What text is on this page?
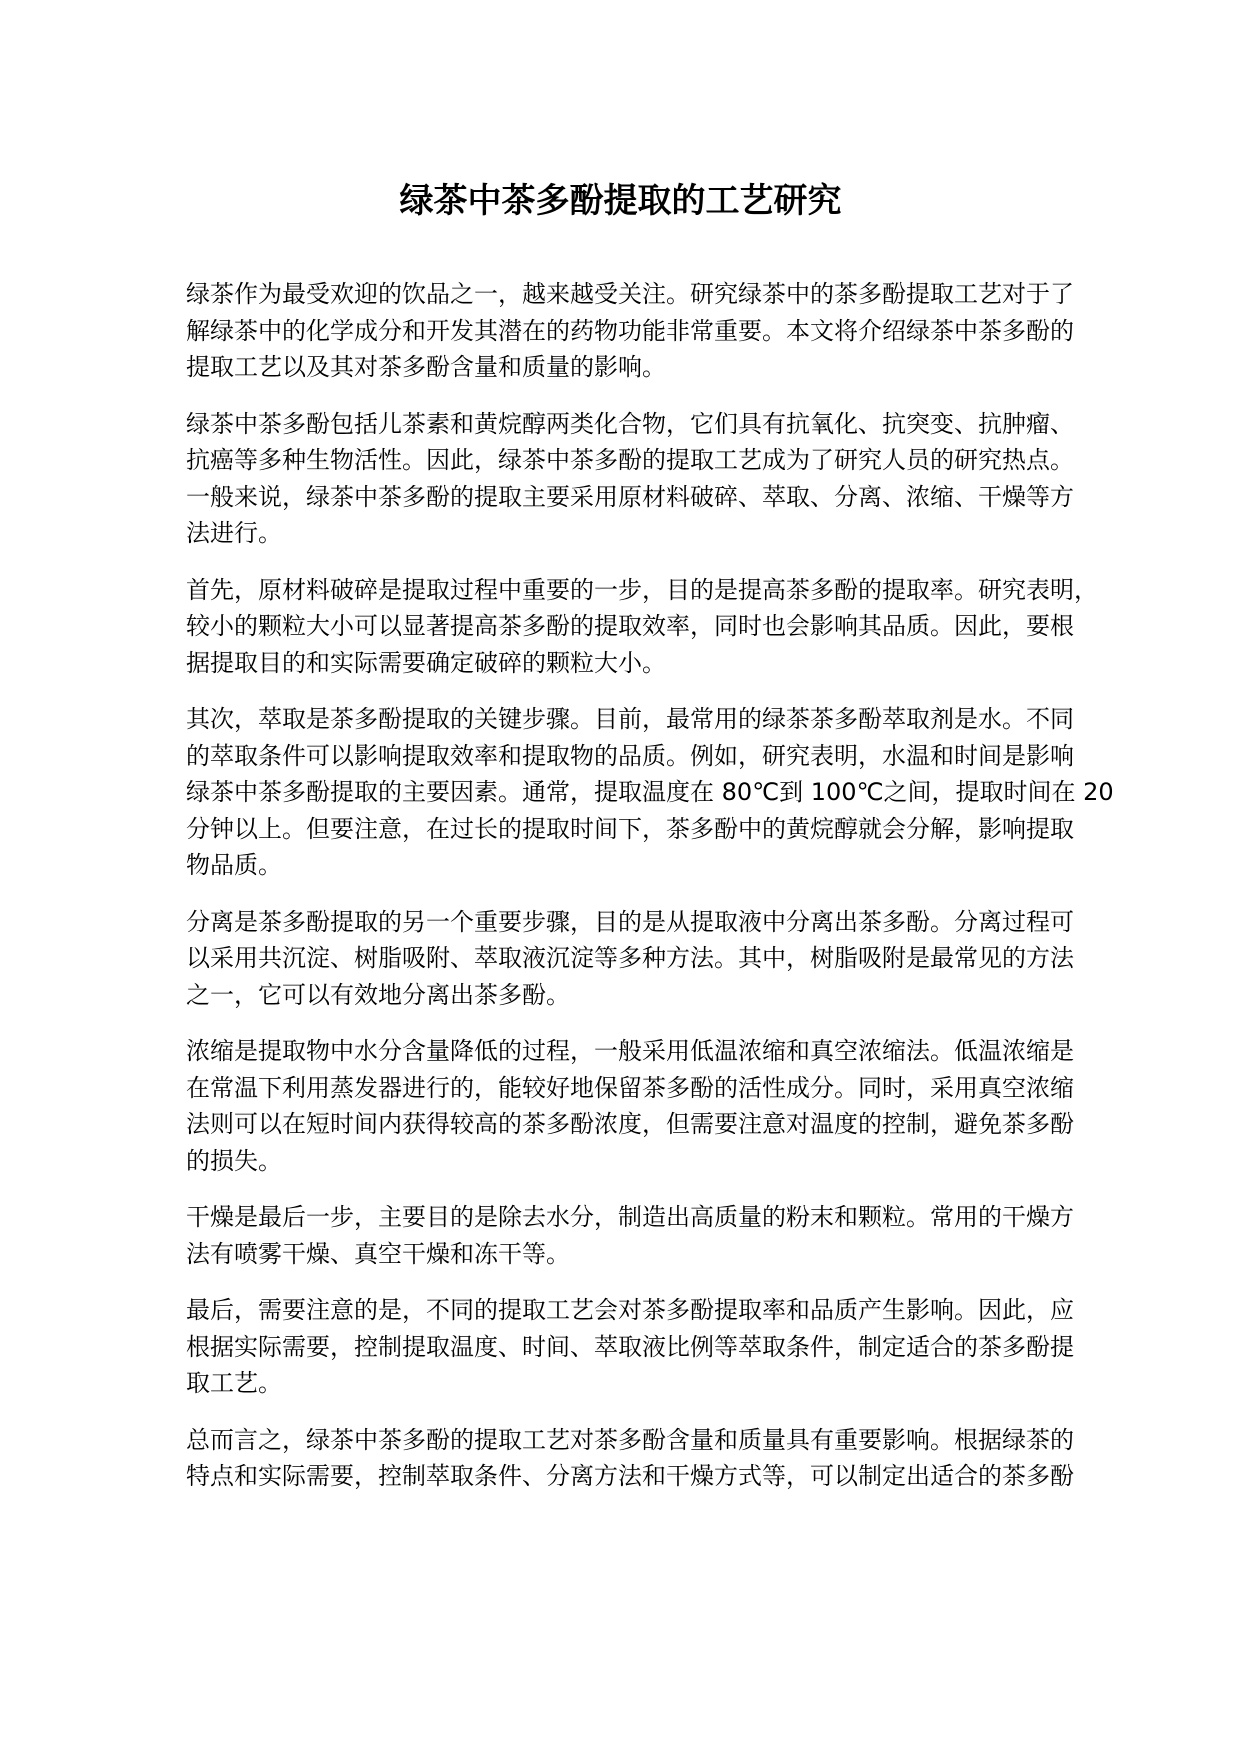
绿茶中茶多酚提取的工艺研究

绿茶作为最受欢迎的饮品之一，越来越受关注。研究绿茶中的茶多酚提取工艺对于了
解绿茶中的化学成分和开发其潜在的药物功能非常重要。本文将介绍绿茶中茶多酚的
提取工艺以及其对茶多酚含量和质量的影响。

绿茶中茶多酚包括儿茶素和黄烷醇两类化合物，它们具有抗氧化、抗突变、抗肿瘤、
抗癌等多种生物活性。因此，绿茶中茶多酚的提取工艺成为了研究人员的研究热点。
一般来说，绿茶中茶多酚的提取主要采用原材料破碎、萃取、分离、浓缩、干燥等方
法进行。

首先，原材料破碎是提取过程中重要的一步，目的是提高茶多酚的提取率。研究表明，
较小的颗粒大小可以显著提高茶多酚的提取效率，同时也会影响其品质。因此，要根
据提取目的和实际需要确定破碎的颗粒大小。

其次，萃取是茶多酚提取的关键步骤。目前，最常用的绿茶茶多酚萃取剂是水。不同
的萃取条件可以影响提取效率和提取物的品质。例如，研究表明，水温和时间是影响
绿茶中茶多酚提取的主要因素。通常，提取温度在 80℃到 100℃之间，提取时间在 20
分钟以上。但要注意，在过长的提取时间下，茶多酚中的黄烷醇就会分解，影响提取
物品质。

分离是茶多酚提取的另一个重要步骤，目的是从提取液中分离出茶多酚。分离过程可
以采用共沉淀、树脂吸附、萃取液沉淀等多种方法。其中，树脂吸附是最常见的方法
之一，它可以有效地分离出茶多酚。

浓缩是提取物中水分含量降低的过程，一般采用低温浓缩和真空浓缩法。低温浓缩是
在常温下利用蒸发器进行的，能较好地保留茶多酚的活性成分。同时，采用真空浓缩
法则可以在短时间内获得较高的茶多酚浓度，但需要注意对温度的控制，避免茶多酚
的损失。

干燥是最后一步，主要目的是除去水分，制造出高质量的粉末和颗粒。常用的干燥方
法有喷雾干燥、真空干燥和冻干等。

最后，需要注意的是，不同的提取工艺会对茶多酚提取率和品质产生影响。因此，应
根据实际需要，控制提取温度、时间、萃取液比例等萃取条件，制定适合的茶多酚提
取工艺。

总而言之，绿茶中茶多酚的提取工艺对茶多酚含量和质量具有重要影响。根据绿茶的
特点和实际需要，控制萃取条件、分离方法和干燥方式等，可以制定出适合的茶多酚
